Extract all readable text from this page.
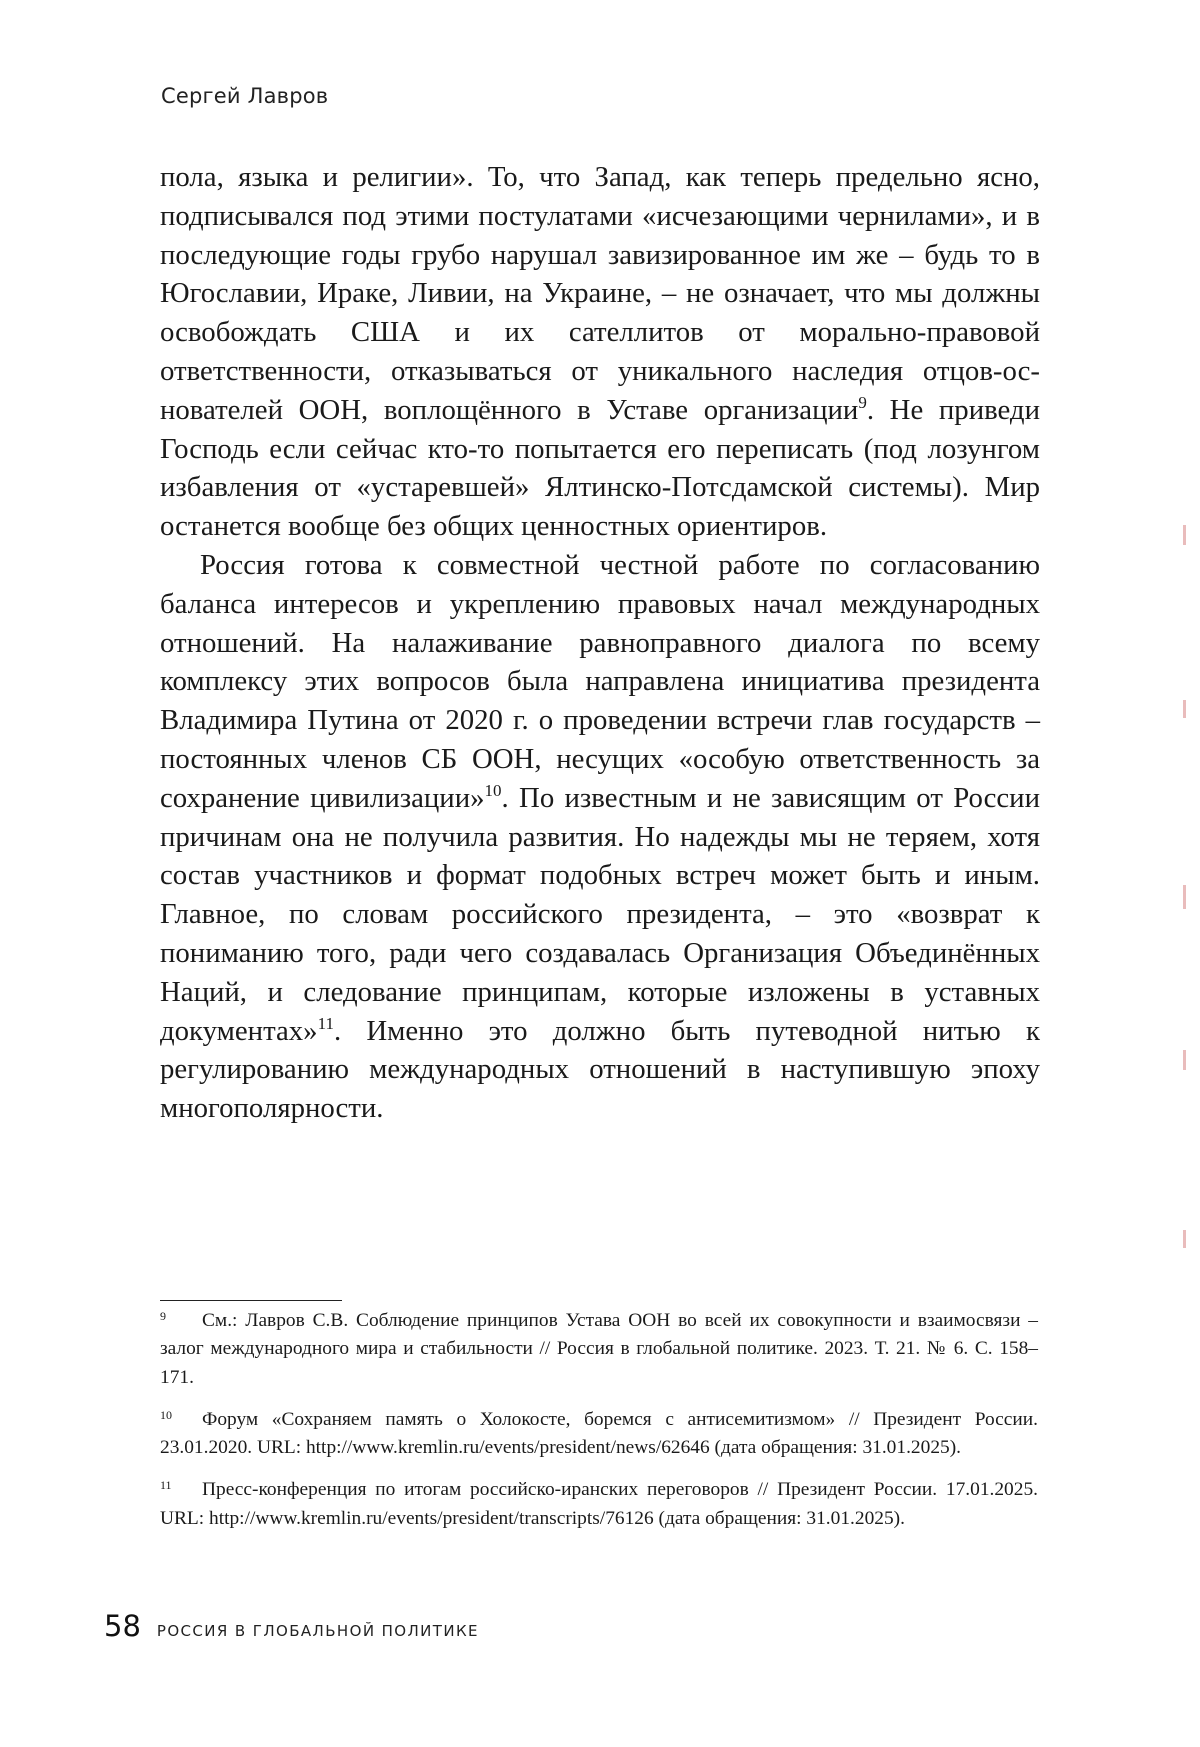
Сергей Лавров

пола, языка и религии». То, что Запад, как теперь предельно ясно, подписывался под этими постулатами «исчезающими чернилами», и в последующие годы грубо нарушал завизированное им же – будь то в Югославии, Ираке, Ливии, на Украине, – не означает, что мы должны освобождать США и их сателлитов от морально-правовой ответственности, отказываться от уникального наследия отцов-ос­нователей ООН, воплощённого в Уставе организации9. Не приведи Господь если сейчас кто-то попытается его переписать (под лозун­гом избавления от «устаревшей» Ялтинско-Потсдамской системы). Мир останется вообще без общих ценностных ориентиров.

Россия готова к совместной честной работе по согласованию баланса интересов и укреплению правовых начал международных отношений. На налаживание равноправного диалога по всему комплексу этих вопросов была направлена инициатива прези­дента Владимира Путина от 2020 г. о проведении встречи глав государств – постоянных членов СБ ООН, несущих «особую от­ветственность за сохранение цивилизации»10. По известным и не зависящим от России причинам она не получила развития. Но на­дежды мы не теряем, хотя состав участников и формат подобных встреч может быть и иным. Главное, по словам российского пре­зидента, – это «возврат к пониманию того, ради чего создавалась Организация Объединённых Наций, и следование принципам, которые изложены в уставных документах»11. Именно это должно быть путеводной нитью к регулированию международных отно­шений в наступившую эпоху многополярности.

9	См.: Лавров С.В. Соблюдение принципов Устава ООН во всей их совокупности и вза­имосвязи – залог международного мира и стабильности // Россия в глобальной политике. 2023. Т. 21. № 6. С. 158–171.
10	Форум «Сохраняем память о Холокосте, боремся с антисемитизмом» // Президент России. 23.01.2020. URL: http://www.kremlin.ru/events/president/news/62646 (дата обраще­ния: 31.01.2025).
11	Пресс-конференция по итогам российско-иранских переговоров // Президент России. 17.01.2025. URL: http://www.kremlin.ru/events/president/transcripts/76126 (дата обращения: 31.01.2025).
58 РОССИЯ В ГЛОБАЛЬНОЙ ПОЛИТИКЕ
